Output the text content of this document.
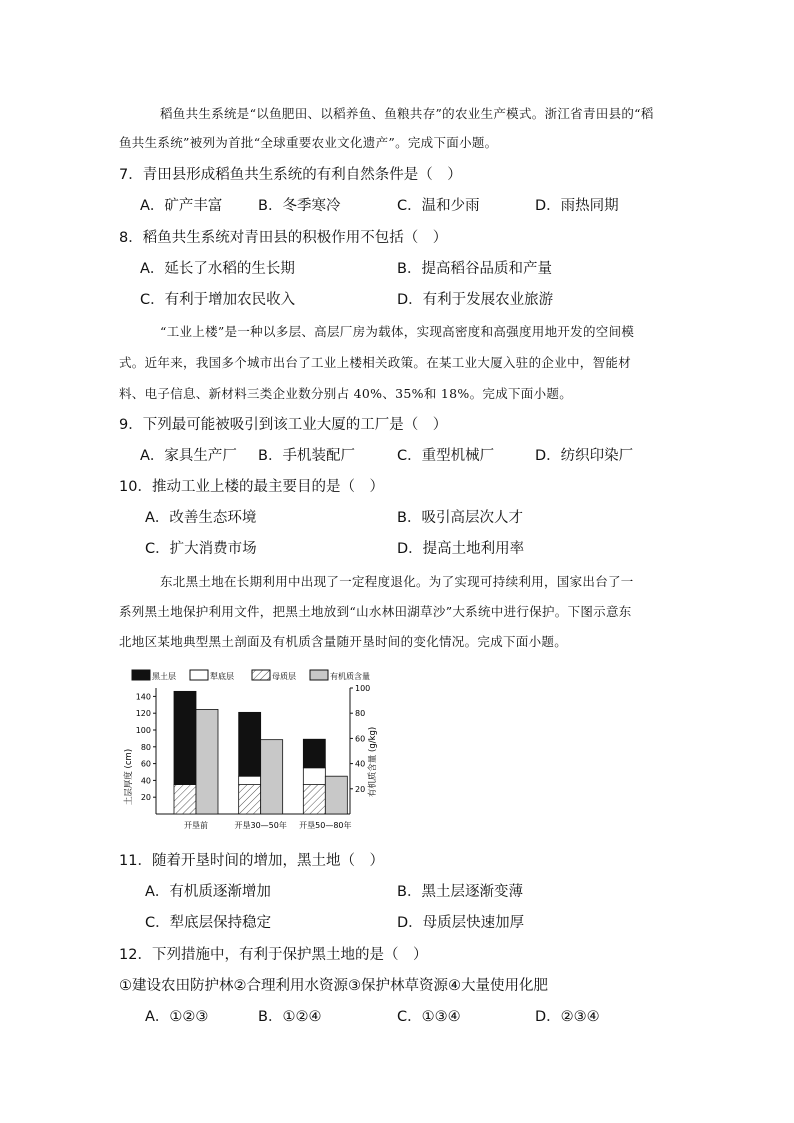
稻鱼共生系统是“以鱼肥田、以稻养鱼、鱼粮共存”的农业生产模式。浙江省青田县的“稻
鱼共生系统”被列为首批“全球重要农业文化遗产”。完成下面小题。
7．青田县形成稻鱼共生系统的有利自然条件是（　）
A．矿产丰富 B．冬季寒冷	C．温和少雨	D．雨热同期
8．稻鱼共生系统对青田县的积极作用不包括（　）
A．延长了水稻的生长期	B．提高稻谷品质和产量
C．有利于增加农民收入	D．有利于发展农业旅游
“工业上楼”是一种以多层、高层厂房为载体，实现高密度和高强度用地开发的空间模
式。近年来，我国多个城市出台了工业上楼相关政策。在某工业大厦入驻的企业中，智能材
料、电子信息、新材料三类企业数分别占 40%、35%和 18%。完成下面小题。
9．下列最可能被吸引到该工业大厦的工厂是（　）
A．家具生产厂 B．手机装配厂	C．重型机械厂	D．纺织印染厂
10．推动工业上楼的最主要目的是（　）
A．改善生态环境	B．吸引高层次人才
C．扩大消费市场	D．提高土地利用率
东北黑土地在长期利用中出现了一定程度退化。为了实现可持续利用，国家出台了一
系列黑土地保护利用文件，把黑土地放到“山水林田湖草沙”大系统中进行保护。下图示意东
北地区某地典型黑土剖面及有机质含量随开垦时间的变化情况。完成下面小题。
黑土层	犁底层	母质层	有机质含量
土层厚度 (cm)	有机质含量 (g/kg)
20
40
60
80
100
120
140
20
40
60
80
100
开垦前	开垦30—50年 开垦50—80年
11．随着开垦时间的增加，黑土地（　）
A．有机质逐渐增加	B．黑土层逐渐变薄
C．犁底层保持稳定	D．母质层快速加厚
12．下列措施中，有利于保护黑土地的是（　）
①建设农田防护林②合理利用水资源③保护林草资源④大量使用化肥
A．①②③	B．①②④	C．①③④	D．②③④
